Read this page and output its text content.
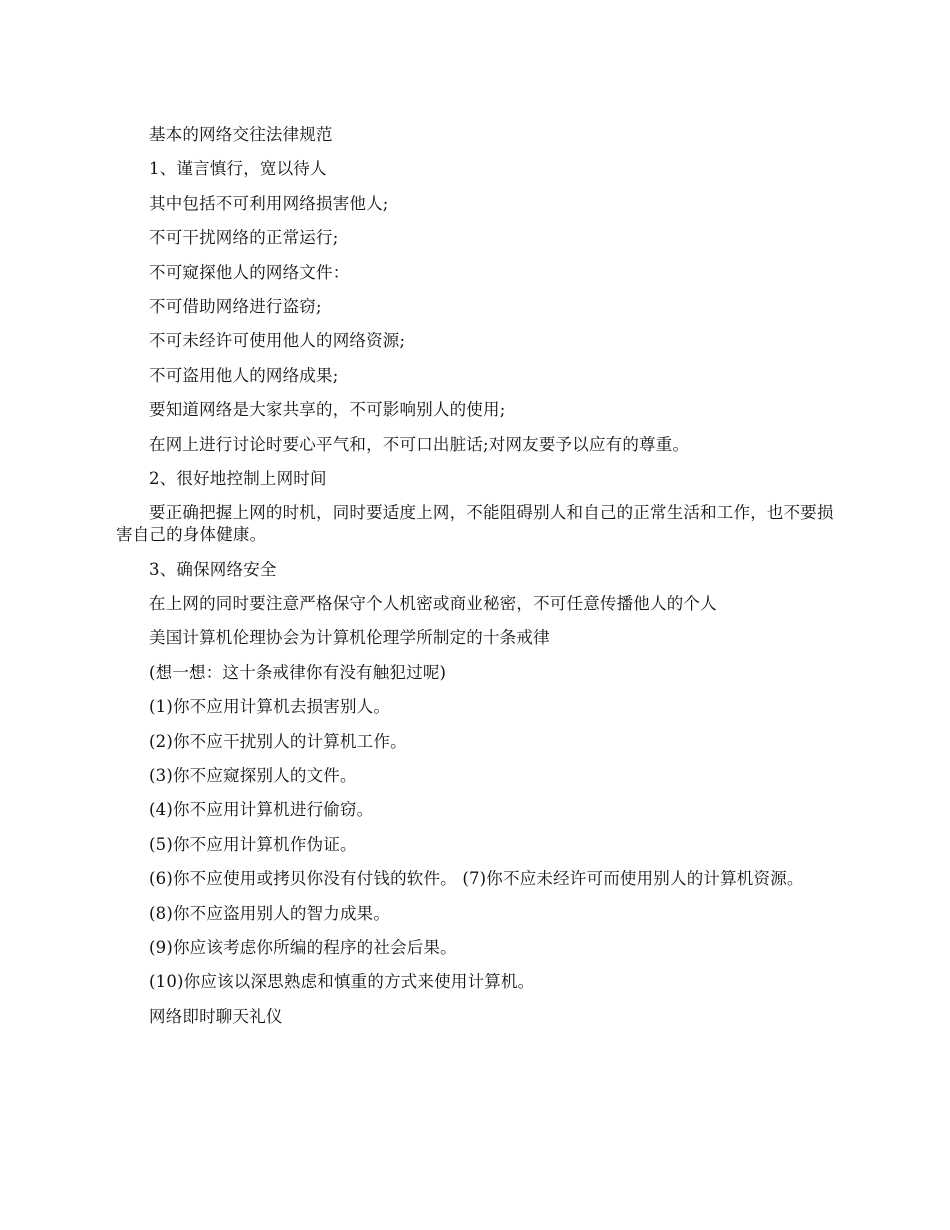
基本的网络交往法律规范

1、谨言慎行，宽以待人

其中包括不可利用网络损害他人;

不可干扰网络的正常运行;

不可窥探他人的网络文件：

不可借助网络进行盗窃;

不可未经许可使用他人的网络资源;

不可盗用他人的网络成果;

要知道网络是大家共享的，不可影响别人的使用;

在网上进行讨论时要心平气和，不可口出脏话;对网友要予以应有的尊重。

2、很好地控制上网时间

要正确把握上网的时机，同时要适度上网，不能阻碍别人和自己的正常生活和工作，也不要损害自己的身体健康。

3、确保网络安全

在上网的同时要注意严格保守个人机密或商业秘密，不可任意传播他人的个人

美国计算机伦理协会为计算机伦理学所制定的十条戒律

(想一想：这十条戒律你有没有触犯过呢)

(1)你不应用计算机去损害别人。

(2)你不应干扰别人的计算机工作。

(3)你不应窥探别人的文件。

(4)你不应用计算机进行偷窃。

(5)你不应用计算机作伪证。

(6)你不应使用或拷贝你没有付钱的软件。 (7)你不应未经许可而使用别人的计算机资源。

(8)你不应盗用别人的智力成果。

(9)你应该考虑你所编的程序的社会后果。

(10)你应该以深思熟虑和慎重的方式来使用计算机。

网络即时聊天礼仪
